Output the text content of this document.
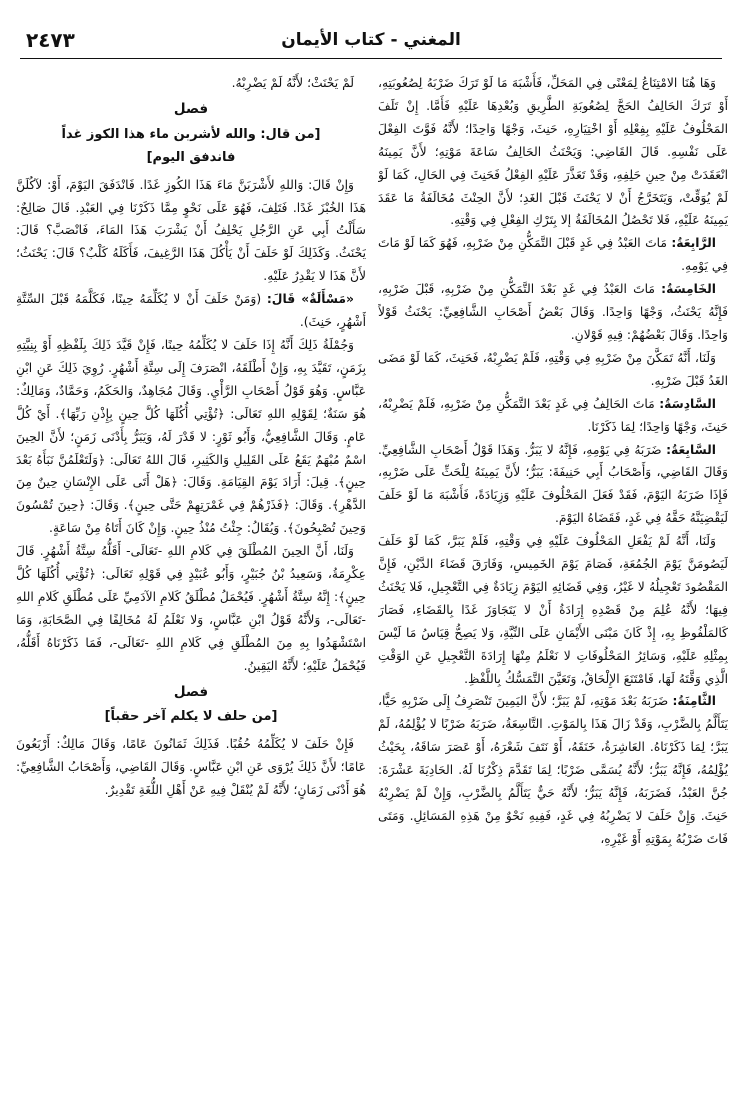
٢٤٧٣	المغني - كتاب الأيمان

وَهَا هُنَا الامْتِنَاعُ لِمَعْنًى فِي المَحَلِّ، فَأَشْبَهَ مَا لَوْ تَرَكَ ضَرْبَهُ لِصُعُوبَتِهِ، أَوْ تَرَكَ الحَالِفُ الحَجَّ لِصُعُوبَةِ الطَّرِيقِ وَبُعْدِهَا عَلَيْهِ فَأَمَّا. إِنْ تَلَفَ المَحْلُوفُ عَلَيْهِ بِفِعْلِهِ أَوْ اخْتِيَارِهِ، حَنِثَ، وَجْهًا وَاحِدًا؛ لأَنَّهُ فَوَّتَ الفِعْلَ عَلَى نَفْسِهِ. قَالَ القَاضِي: وَيَحْنَثُ الحَالِفُ سَاعَةَ مَوْتِهِ؛ لأَنَّ يَمِينَهُ انْعَقَدَتْ مِنْ حِينِ حَلِفِهِ، وَقَدْ تَعَذَّرَ عَلَيْهِ الفِعْلُ فَحَنِثَ فِي الحَالِ، كَمَا لَوْ لَمْ يُوَقِّتْ، وَيَتَخَرَّجُ أَنْ لا يَحْنَثَ قَبْلَ الغَدِ؛ لأَنَّ الحِنْثَ مُخَالَفَةُ مَا عَقَدَ يَمِينَهُ عَلَيْهِ، فَلا تَحْصُلُ المُخَالَفَةُ إلا بِتَرْكِ الفِعْلِ فِي وَقْتِهِ.

الرَّابِعَةُ: مَاتَ العَبْدُ فِي غَدٍ قَبْلَ التَّمَكُّنِ مِنْ ضَرْبِهِ، فَهُوَ كَمَا لَوْ مَاتَ فِي يَوْمِهِ.

الخَامِسَةُ: مَاتَ العَبْدُ فِي غَدٍ بَعْدَ التَّمَكُّنِ مِنْ ضَرْبِهِ، قَبْلَ ضَرْبِهِ، فَإِنَّهُ يَحْنَثُ، وَجْهًا وَاحِدًا. وَقَالَ بَعْضُ أَصْحَابِ الشَّافِعِيِّ: يَحْنَثُ قَوْلاً وَاحِدًا. وَقَالَ بَعْضُهُمْ: فِيهِ قَوْلانِ.

وَلَنَا، أَنَّهُ تَمَكَّنَ مِنْ ضَرْبِهِ فِي وَقْتِهِ، فَلَمْ يَضْرِبْهُ، فَحَنِثَ، كَمَا لَوْ مَضَى الغَدُ قَبْلَ ضَرْبِهِ.

السَّادِسَةُ: مَاتَ الحَالِفُ فِي غَدٍ بَعْدَ التَّمَكُّنِ مِنْ ضَرْبِهِ، فَلَمْ يَضْرِبْهُ، حَنِثَ، وَجْهًا وَاحِدًا؛ لِمَا ذَكَرْنَا.

السَّابِعَةُ: ضَرَبَهُ فِي يَوْمِهِ، فَإِنَّهُ لا يَبَرُّ. وَهَذَا قَوْلُ أَصْحَابِ الشَّافِعِيِّ. وَقَالَ القَاضِي، وَأَصْحَابُ أَبِي حَنِيفَةَ: يَبَرُّ؛ لأَنَّ يَمِينَهُ لِلْحَثِّ عَلَى ضَرْبِهِ، فَإِذَا ضَرَبَهُ اليَوْمَ، فَقَدْ فَعَلَ المَحْلُوفَ عَلَيْهِ وَزِيَادَةً، فَأَشْبَهَ مَا لَوْ حَلَفَ لَيَقْضِيَنَّهُ حَقَّهُ فِي غَدٍ، فَقَضَاهُ اليَوْمَ.

وَلَنَا، أَنَّهُ لَمْ يَفْعَلِ المَحْلُوفَ عَلَيْهِ فِي وَقْتِهِ، فَلَمْ يَبَرَّ، كَمَا لَوْ حَلَفَ لَيَصُومَنَّ يَوْمَ الجُمُعَةِ، فَصَامَ يَوْمَ الخَمِيسِ، وَفَارَقَ قَضَاءَ الدَّيْنِ، فَإِنَّ المَقْصُودَ تَعْجِيلُهُ لا غَيْرُ، وَفِي قَضَائِهِ اليَوْمَ زِيَادَةٌ فِي التَّعْجِيلِ، فَلا يَحْنَثُ فِيهَا؛ لأَنَّهُ عُلِمَ مِنْ قَصْدِهِ إِرَادَةُ أَنْ لا يَتَجَاوَزَ غَدًا بِالقَضَاءِ، فَصَارَ كَالمَلْفُوظِ بِهِ، إِذْ كَانَ مَبْنَى الأَيْمَانِ عَلَى النِّيَّةِ، وَلا يَصِحُّ قِيَاسُ مَا لَيْسَ بِمِثْلِهِ عَلَيْهِ، وَسَائِرُ المَحْلُوفَاتِ لا نَعْلَمُ مِنْهَا إِرَادَةَ التَّعْجِيلِ عَنِ الوَقْتِ الَّذِي وَقَّتَهُ لَهَا، فَامْتَنَعَ الإِلْحَاقُ، وَتَعَيَّنَ التَّمَسُّكُ بِاللَّفْظِ.

الثَّامِنَةُ: ضَرَبَهُ بَعْدَ مَوْتِهِ، لَمْ يَبَرَّ؛ لأَنَّ اليَمِينَ تَنْصَرِفُ إِلَى ضَرْبِهِ حَيًّا، يَتَأَلَّمُ بِالضَّرْبِ، وَقَدْ زَالَ هَذَا بِالمَوْتِ. التَّاسِعَةُ، ضَرَبَهُ ضَرْبًا لا يُؤْلِمُهُ، لَمْ يَبَرَّ؛ لِمَا ذَكَرْنَاهُ. العَاشِرَةُ، خَنَقَهُ، أَوْ نَتَفَ شَعْرَهُ، أَوْ عَصَرَ سَاقَهُ، بِحَيْثُ يُؤْلِمُهُ، فَإِنَّهُ يَبَرُّ؛ لأَنَّهُ يُسَمَّى ضَرْبًا؛ لِمَا تَقَدَّمَ ذِكْرُنَا لَهُ. الحَادِيَةَ عَشْرَةَ: جُنَّ العَبْدُ، فَضَرَبَهُ، فَإِنَّهُ يَبَرُّ؛ لأَنَّهُ حَيٌّ يَتَأَلَّمُ بِالضَّرْبِ، وَإِنْ لَمْ يَضْرِبْهُ حَنِثَ. وَإِنْ حَلَفَ لا يَضْرِبُهُ فِي غَدٍ، فَفِيهِ نَحْوٌ مِنْ هَذِهِ المَسَائِلِ. وَمَتَى فَاتَ ضَرْبُهُ بِمَوْتِهِ أَوْ غَيْرِهِ،

لَمْ يَحْنَثْ؛ لأَنَّهُ لَمْ يَضْرِبْهُ.

فصل
[من قال: والله لأشربن ماء هذا الكوز غداً
فاندفق اليوم]

وَإِنْ قَالَ: وَاللهِ لأَشْرَبَنَّ مَاءَ هَذَا الكُوزِ غَدًا. فَانْدَفَقَ اليَوْمَ، أَوْ: لآكُلَنَّ هَذَا الخُبْزَ غَدًا. فَتَلِفَ، فَهُوَ عَلَى نَحْوٍ مِمَّا ذَكَرْنَا فِي العَبْدِ. قَالَ صَالِحٌ: سَأَلْتُ أَبِي عَنِ الرَّجُلِ يَحْلِفُ أَنْ يَشْرَبَ هَذَا المَاءَ، فَانْصَبَّ؟ قَالَ: يَحْنَثُ. وَكَذَلِكَ لَوْ حَلَفَ أَنْ يَأْكُلَ هَذَا الرَّغِيفَ، فَأَكَلَهُ كَلْبٌ؟ قَالَ: يَحْنَثُ؛ لأَنَّ هَذَا لا يَقْدِرُ عَلَيْهِ.

«مَسْأَلَةٌ» قَالَ: (وَمَنْ حَلَفَ أَنْ لا يُكَلِّمَهُ حِينًا، فَكَلَّمَهُ قَبْلَ السِّتَّةِ أَشْهُرٍ، حَنِثَ).

وَجُمْلَةُ ذَلِكَ أَنَّهُ إِذَا حَلَفَ لا يُكَلِّمُهُ حِينًا، فَإِنْ قَيَّدَ ذَلِكَ بِلَفْظِهِ أَوْ بِنِيَّتِهِ بِزَمَنٍ، تَقَيَّدَ بِهِ، وَإِنْ أَطْلَقَهُ، انْصَرَفَ إِلَى سِتَّةِ أَشْهُرٍ. رُوِيَ ذَلِكَ عَنِ ابْنِ عَبَّاسٍ. وَهُوَ قَوْلُ أَصْحَابِ الرَّأْيِ. وَقَالَ مُجَاهِدٌ، وَالحَكَمُ، وَحَمَّادٌ، وَمَالِكٌ: هُوَ سَنَةٌ؛ لِقَوْلِهِ اللهِ تَعَالَى: ﴿تُؤْتِي أُكُلَهَا كُلَّ حِينٍ بِإِذْنِ رَبِّهَا﴾. أَيْ كُلَّ عَامٍ. وَقَالَ الشَّافِعِيُّ، وَأَبُو ثَوْرٍ: لا قَدْرَ لَهُ، وَيَبَرُّ بِأَدْنَى زَمَنٍ؛ لأَنَّ الحِينَ اسْمٌ مُبْهَمٌ يَقَعُ عَلَى القَلِيلِ وَالكَثِيرِ، قَالَ اللهُ تَعَالَى: ﴿وَلَتَعْلَمُنَّ نَبَأَهُ بَعْدَ حِينٍ﴾. قِيلَ: أَرَادَ يَوْمَ القِيَامَةِ. وَقَالَ: ﴿هَلْ أَتَى عَلَى الإِنْسَانِ حِينٌ مِنَ الدَّهْرِ﴾. وَقَالَ: ﴿فَذَرْهُمْ فِي غَمْرَتِهِمْ حَتَّى حِينٍ﴾. وَقَالَ: ﴿حِينَ تُمْسُونَ وَحِينَ تُصْبِحُونَ﴾. وَيُقَالُ: جِئْتُ مُنْذُ حِينٍ. وَإِنْ كَانَ أَتَاهُ مِنْ سَاعَةٍ.

وَلَنَا، أَنَّ الحِينَ المُطْلَقَ فِي كَلامِ اللهِ -تَعَالَى- أَقَلُّهُ سِتَّةُ أَشْهُرٍ. قَالَ عِكْرِمَةُ، وَسَعِيدُ بْنُ جُبَيْرٍ، وَأَبُو عُبَيْدٍ فِي قَوْلِهِ تَعَالَى: ﴿تُؤْتِي أُكُلَهَا كُلَّ حِينٍ﴾: إِنَّهُ سِتَّةُ أَشْهُرٍ. فَيُحْمَلُ مُطْلَقُ كَلامِ الآدَمِيِّ عَلَى مُطْلَقِ كَلامِ اللهِ -تَعَالَى-، وَلأَنَّهُ قَوْلُ ابْنِ عَبَّاسٍ، وَلا نَعْلَمُ لَهُ مُخَالِفًا فِي الصَّحَابَةِ، وَمَا اسْتَشْهَدُوا بِهِ مِنَ المُطْلَقِ فِي كَلامِ اللهِ -تَعَالَى-، فَمَا ذَكَرْنَاهُ أَقَلُّهُ، فَيُحْمَلُ عَلَيْهِ؛ لأَنَّهُ اليَقِينُ.

فصل
[من حلف لا يكلم آخر حقباً]

فَإِنْ حَلَفَ لا يُكَلِّمُهُ حُقُبًا. فَذَلِكَ ثَمَانُونَ عَامًا، وَقَالَ مَالِكٌ: أَرْبَعُونَ عَامًا؛ لأَنَّ ذَلِكَ يُرْوَى عَنِ ابْنِ عَبَّاسٍ. وَقَالَ القَاضِي، وَأَصْحَابُ الشَّافِعِيِّ: هُوَ أَدْنَى زَمَانٍ؛ لأَنَّهُ لَمْ يُنْقَلْ فِيهِ عَنْ أَهْلِ اللُّغَةِ تَقْدِيرٌ.
